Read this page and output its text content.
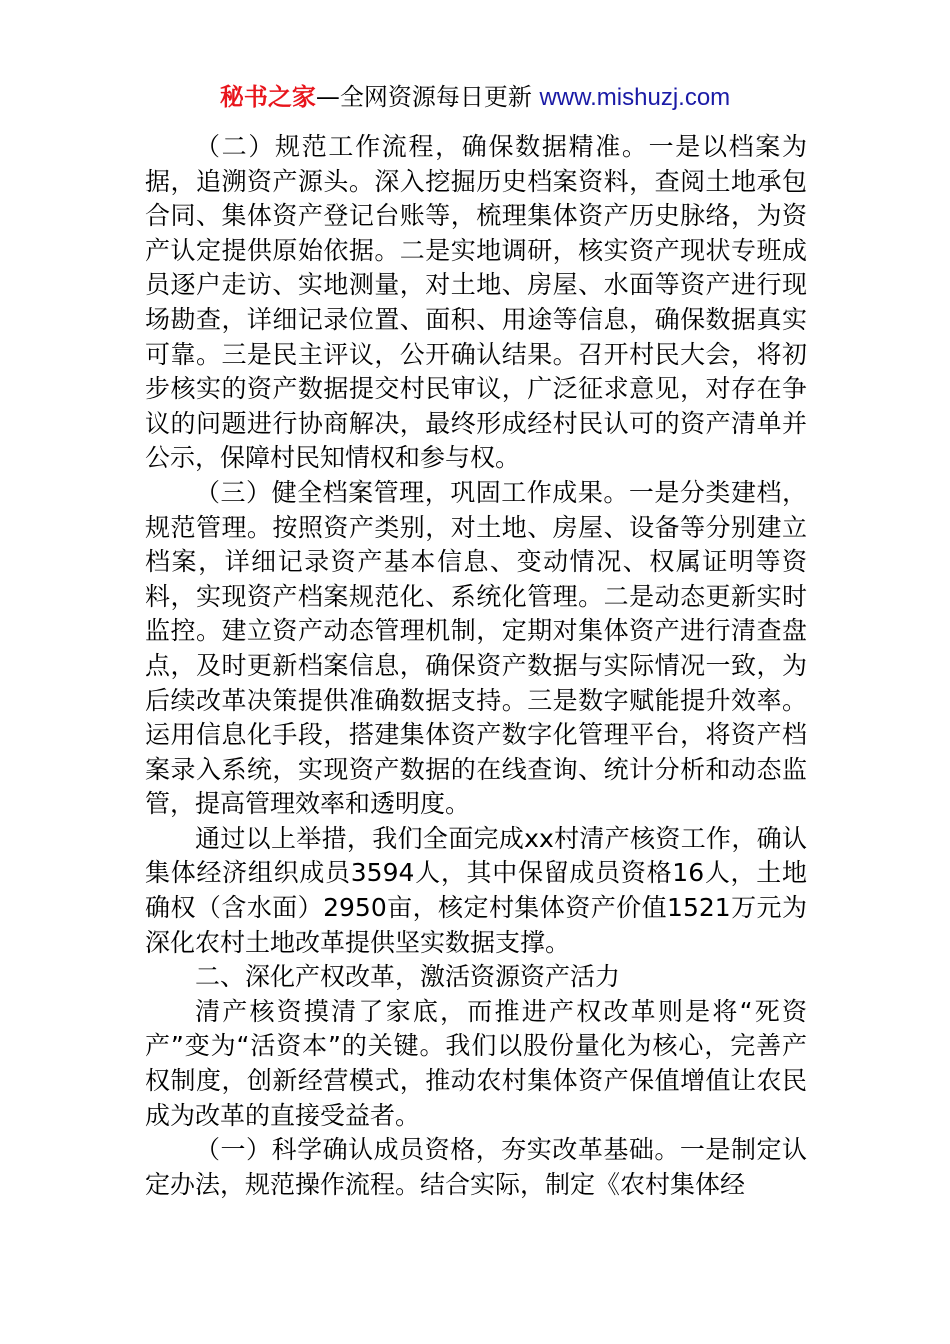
秘书之家—全网资源每日更新 www.mishuzj.com

（二）规范工作流程，确保数据精准。一是以档案为据，追溯资产源头。深入挖掘历史档案资料，查阅土地承包合同、集体资产登记台账等，梳理集体资产历史脉络，为资产认定提供原始依据。二是实地调研，核实资产现状专班成员逐户走访、实地测量，对土地、房屋、水面等资产进行现场勘查，详细记录位置、面积、用途等信息，确保数据真实可靠。三是民主评议，公开确认结果。召开村民大会，将初步核实的资产数据提交村民审议，广泛征求意见，对存在争议的问题进行协商解决，最终形成经村民认可的资产清单并公示，保障村民知情权和参与权。

（三）健全档案管理，巩固工作成果。一是分类建档，规范管理。按照资产类别，对土地、房屋、设备等分别建立档案，详细记录资产基本信息、变动情况、权属证明等资料，实现资产档案规范化、系统化管理。二是动态更新实时监控。建立资产动态管理机制，定期对集体资产进行清查盘点，及时更新档案信息，确保资产数据与实际情况一致，为后续改革决策提供准确数据支持。三是数字赋能提升效率。运用信息化手段，搭建集体资产数字化管理平台，将资产档案录入系统，实现资产数据的在线查询、统计分析和动态监管，提高管理效率和透明度。

通过以上举措，我们全面完成xx村清产核资工作，确认集体经济组织成员3594人，其中保留成员资格16人，土地确权（含水面）2950亩，核定村集体资产价值1521万元为深化农村土地改革提供坚实数据支撑。

二、深化产权改革，激活资源资产活力

清产核资摸清了家底，而推进产权改革则是将“死资产”变为“活资本”的关键。我们以股份量化为核心，完善产权制度，创新经营模式，推动农村集体资产保值增值让农民成为改革的直接受益者。

（一）科学确认成员资格，夯实改革基础。一是制定认定办法，规范操作流程。结合实际，制定《农村集体经
